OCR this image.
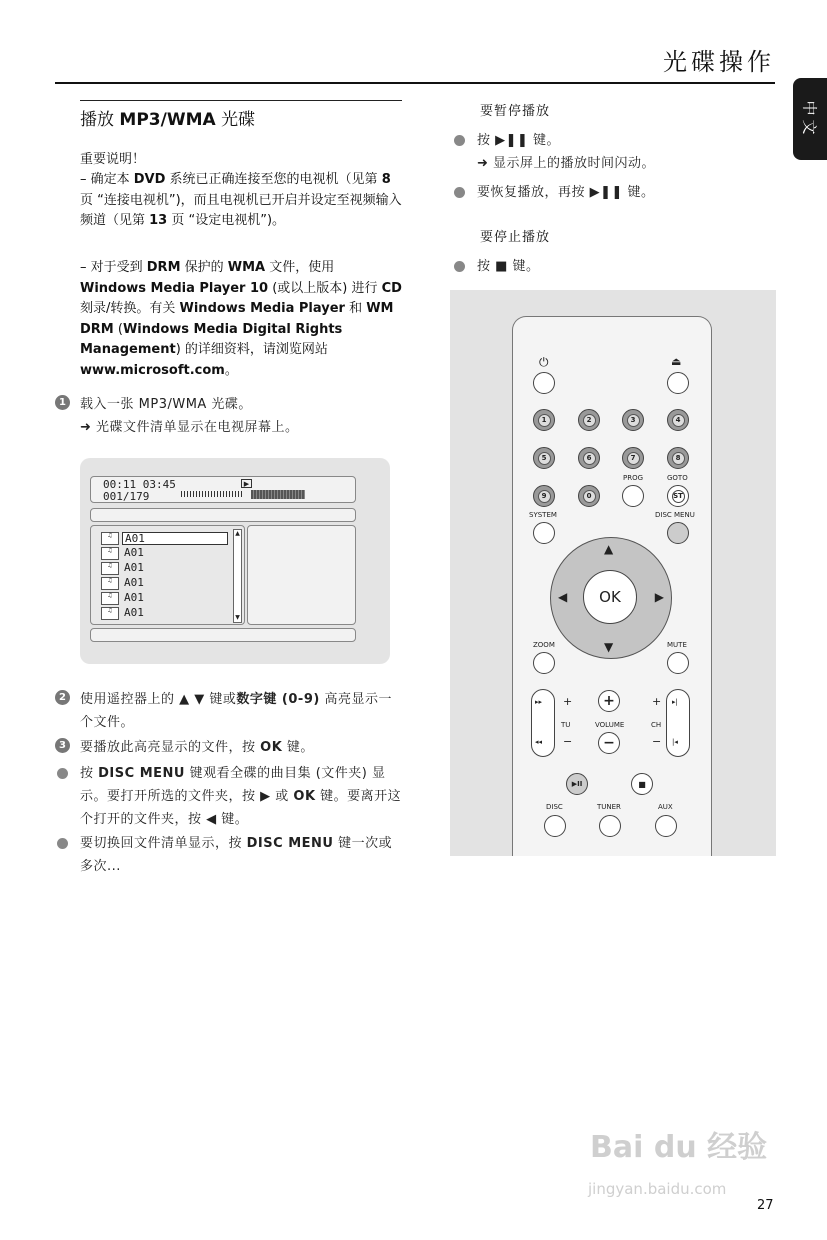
光碟操作
中文
播放 MP3/WMA 光碟
重要说明！
– 确定本 DVD 系统已正确连接至您的电视机（见第 8 页 “连接电视机”)，而且电视机已开启并设定至视频输入频道（见第 13 页 “设定电视机”)。
– 对于受到 DRM 保护的 WMA 文件，使用 Windows Media Player 10 (或以上版本) 进行 CD 刻录/转换。有关 Windows Media Player 和 WM DRM (Windows Media Digital Rights Management) 的详细资料，请浏览网站 www.microsoft.com。
1	载入一张 MP3/WMA 光碟。
➜ 光碟文件清单显示在电视屏幕上。
00:11 03:45
001/179
▶
♫	A01
♫	A01
♫	A01
♫	A01
♫	A01
♫	A01
▲
▼
2	使用遥控器上的 ▲ ▼ 键或数字键 (0-9) 高亮显示一个文件。
3	要播放此高亮显示的文件，按 OK 键。
按 DISC MENU 键观看全碟的曲目集 (文件夹) 显示。要打开所选的文件夹，按 ▶ 或 OK 键。要离开这个打开的文件夹，按 ◀ 键。
要切换回文件清单显示，按 DISC MENU 键一次或多次...
要暂停播放
按 ▶❚❚ 键。
➜ 显示屏上的播放时间闪动。
要恢复播放，再按 ▶❚❚ 键。
要停止播放
按 ■ 键。
⏻	⏏
1	2	3	4
5	6	7	8
PROG	GOTO
9	0	ST
SYSTEM	DISC MENU
▲
▼
◀	▶
OK
ZOOM	MUTE
▸▸
◂◂
+
−
TU
+
VOLUME
−
+
−
CH
▸|
|◂
▶II	■
DISC	TUNER	AUX
Bai du 经验
jingyan.baidu.com
27
